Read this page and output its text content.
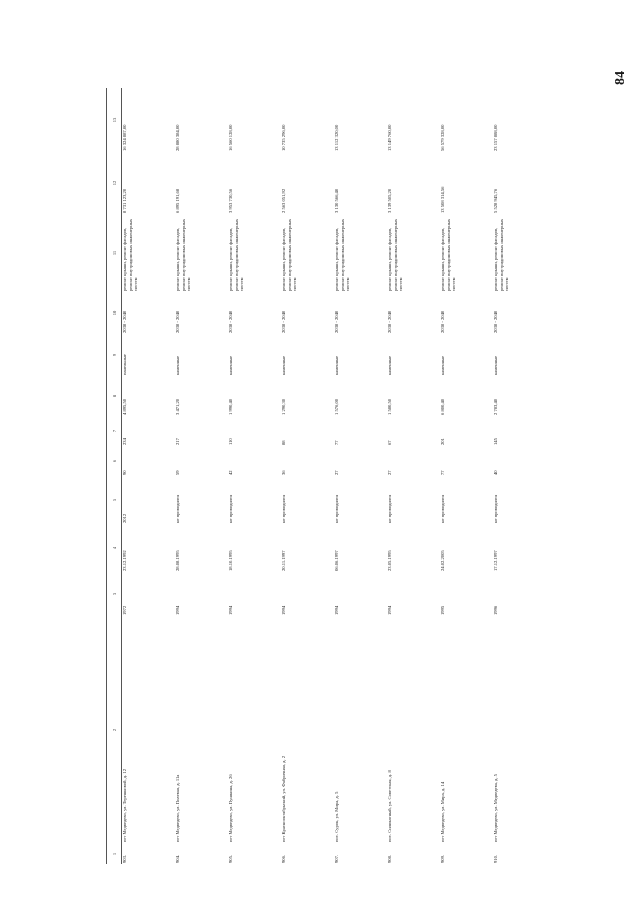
84
1	2	3	4	5	6	7	8	9	10	11	12	13
903.	пгт Медведево, ул. Терешковой, д. 12	1972	23.12.1992	2012	90	234	4 895,50	панельные	2038 - 2040	ремонт крыши, ремонт фасадов, ремонт внутридомовых инженерных систем	8 731 123,20	16 324 887,00
904.	пгт Медведево, ул. Полевая, д. 11а	1994	28.08.1995	не проводился	59	217	3 471,20	каменные	2038 - 2040	ремонт крыши, ремонт фасадов, ремонт внутридомовых инженерных систем	6 895 191,68	28 880 384,00
905.	пгт Медведево, ул. Пушкина, д. 26	1994	18.10.1995	не проводился	42	110	1 990,40	каменные	2038 - 2040	ремонт крыши, ремонт фасадов, ремонт внутридомовых инженерных систем	3 953 730,56	16 560 128,00
906.	пгт Краснооктябрьский, ул. Фабричная, д. 2	1994	20.11.1997	не проводился	36	88	1 290,30	каменные	2038 - 2040	ремонт крыши, ремонт фасадов, ремонт внутридомовых инженерных систем	2 563 051,92	10 735 296,00
907.	пос. Сурок, ул. Мира, д. 5	1994	06.06.1997	не проводился	27	77	1 576,00	каменные	2038 - 2040	ремонт крыши, ремонт фасадов, ремонт внутридомовых инженерных систем	3 130 566,40	13 112 320,00
908.	пос. Силикатный, ул. Советская, д. 8	1994	23.05.1995	не проводился	27	67	1 580,50	каменные	2038 - 2040	ремонт крыши, ремонт фасадов, ремонт внутридомовых инженерных систем	3 139 505,20	13 149 760,00
909.	пгт Медведево, ул. Мира, д. 14	1995	24.02.2005	не проводился	77	201	6 800,40	каменные	2038 - 2040	ремонт крыши, ремонт фасадов, ремонт внутридомовых инженерных систем	13 508 314,56	56 579 328,00
910.	пгт Медведево, ул. Медведева, д. 5	1996	17.12.1997	не проводился	40	145	2 783,40	каменные	2038 - 2040	ремонт крыши, ремонт фасадов, ремонт внутридомовых инженерных систем	5 528 945,76	23 157 888,00
